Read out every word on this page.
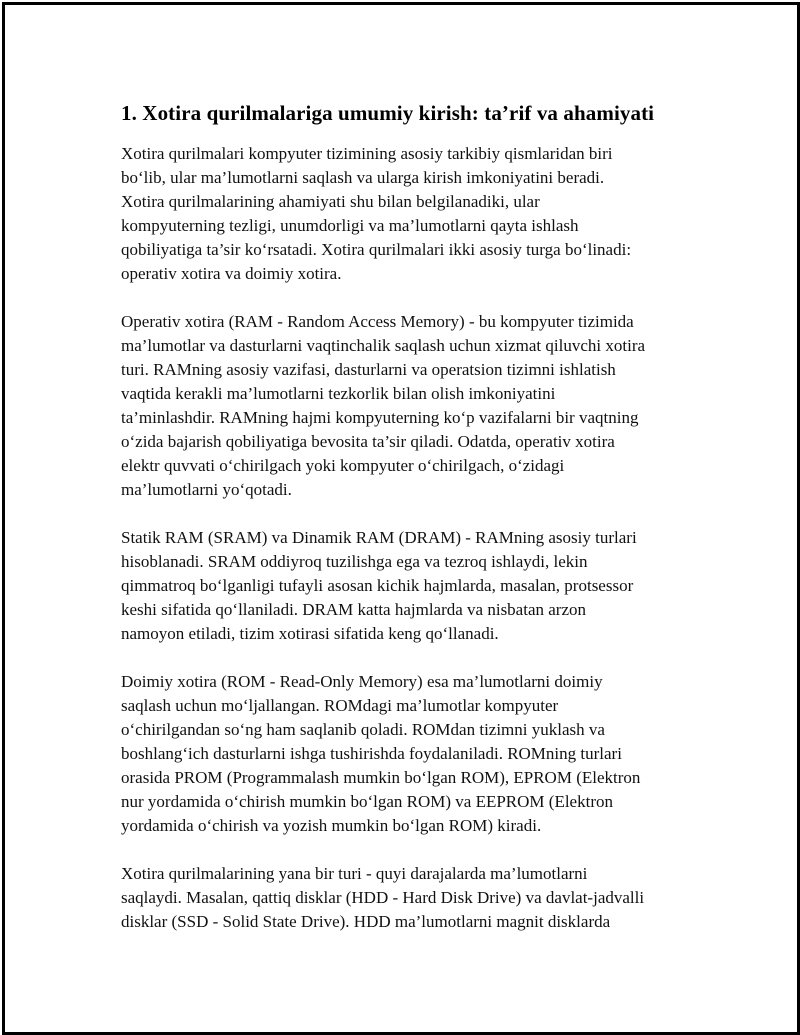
1. Xotira qurilmalariga umumiy kirish: ta’rif va ahamiyati

Xotira qurilmalari kompyuter tizimining asosiy tarkibiy qismlaridan biri
bo‘lib, ular ma’lumotlarni saqlash va ularga kirish imkoniyatini beradi.
Xotira qurilmalarining ahamiyati shu bilan belgilanadiki, ular
kompyuterning tezligi, unumdorligi va ma’lumotlarni qayta ishlash
qobiliyatiga ta’sir ko‘rsatadi. Xotira qurilmalari ikki asosiy turga bo‘linadi:
operativ xotira va doimiy xotira.

Operativ xotira (RAM - Random Access Memory) - bu kompyuter tizimida
ma’lumotlar va dasturlarni vaqtinchalik saqlash uchun xizmat qiluvchi xotira
turi. RAMning asosiy vazifasi, dasturlarni va operatsion tizimni ishlatish
vaqtida kerakli ma’lumotlarni tezkorlik bilan olish imkoniyatini
ta’minlashdir. RAMning hajmi kompyuterning ko‘p vazifalarni bir vaqtning
o‘zida bajarish qobiliyatiga bevosita ta’sir qiladi. Odatda, operativ xotira
elektr quvvati o‘chirilgach yoki kompyuter o‘chirilgach, o‘zidagi
ma’lumotlarni yo‘qotadi.

Statik RAM (SRAM) va Dinamik RAM (DRAM) - RAMning asosiy turlari
hisoblanadi. SRAM oddiyroq tuzilishga ega va tezroq ishlaydi, lekin
qimmatroq bo‘lganligi tufayli asosan kichik hajmlarda, masalan, protsessor
keshi sifatida qo‘llaniladi. DRAM katta hajmlarda va nisbatan arzon
namoyon etiladi, tizim xotirasi sifatida keng qo‘llanadi.

Doimiy xotira (ROM - Read-Only Memory) esa ma’lumotlarni doimiy
saqlash uchun mo‘ljallangan. ROMdagi ma’lumotlar kompyuter
o‘chirilgandan so‘ng ham saqlanib qoladi. ROMdan tizimni yuklash va
boshlang‘ich dasturlarni ishga tushirishda foydalaniladi. ROMning turlari
orasida PROM (Programmalash mumkin bo‘lgan ROM), EPROM (Elektron
nur yordamida o‘chirish mumkin bo‘lgan ROM) va EEPROM (Elektron
yordamida o‘chirish va yozish mumkin bo‘lgan ROM) kiradi.

Xotira qurilmalarining yana bir turi - quyi darajalarda ma’lumotlarni
saqlaydi. Masalan, qattiq disklar (HDD - Hard Disk Drive) va davlat-jadvalli
disklar (SSD - Solid State Drive). HDD ma’lumotlarni magnit disklarda
